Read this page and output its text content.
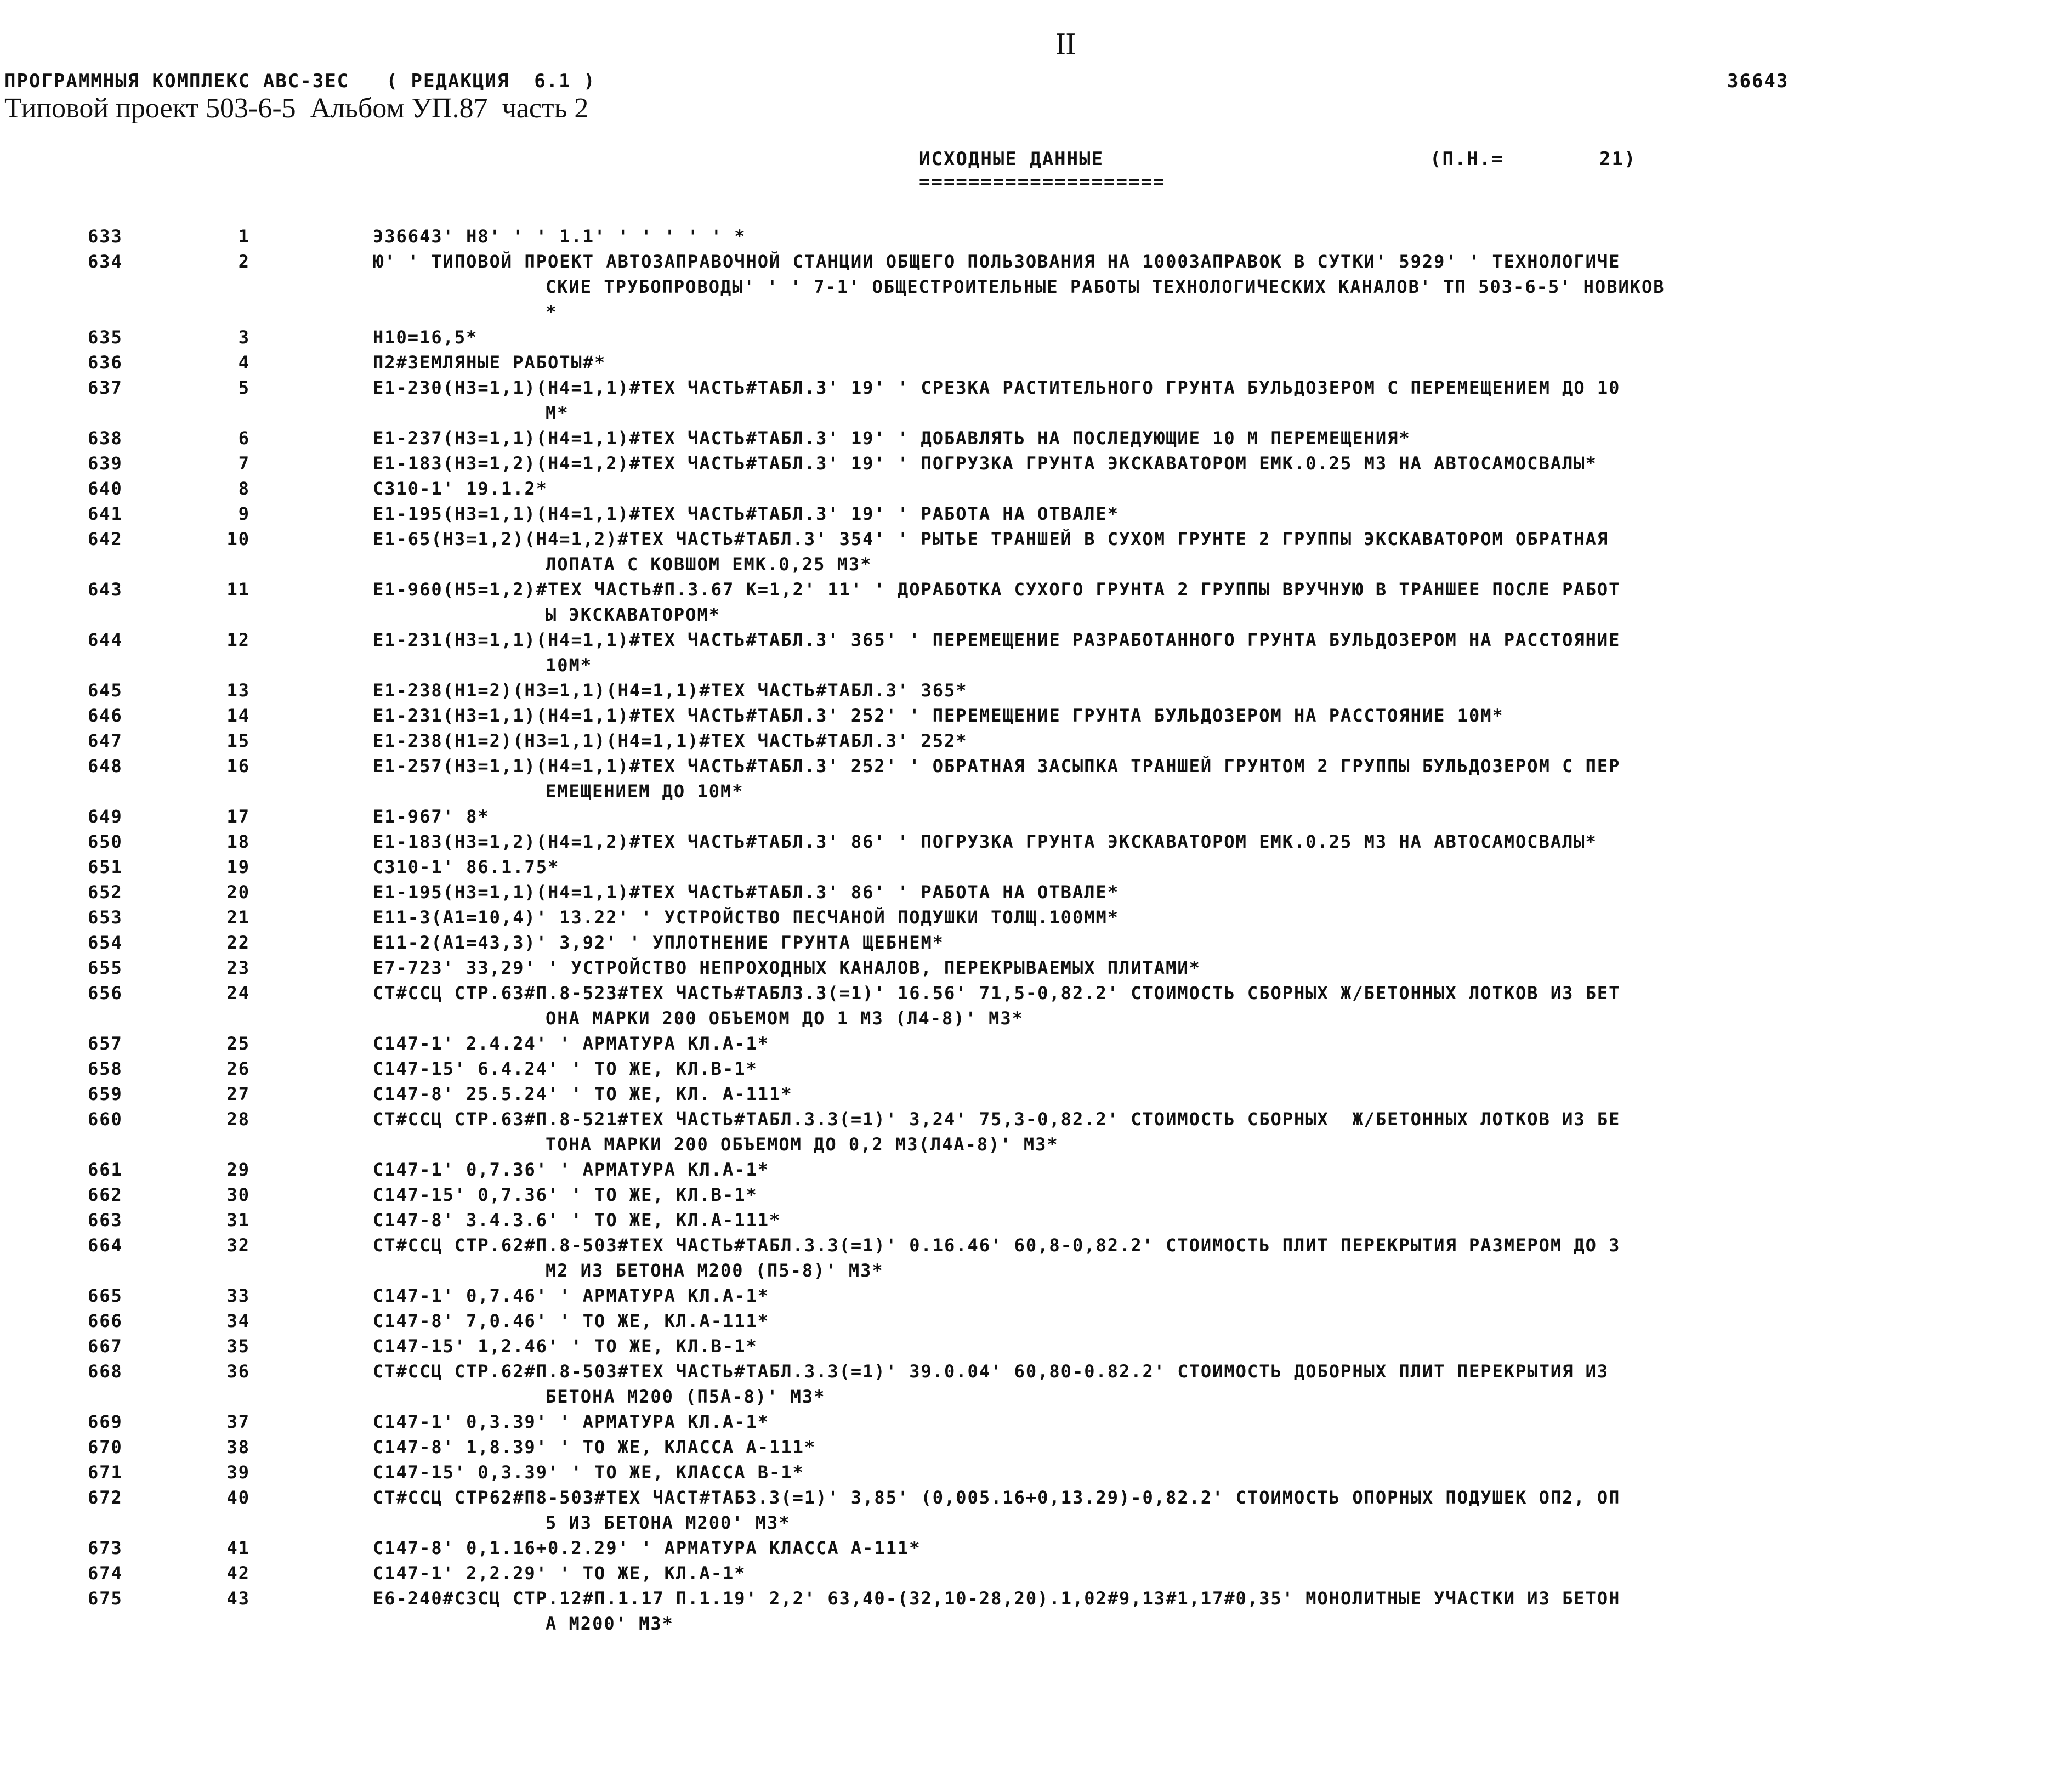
II
ПРОГРАММНЫЯ КОМПЛЕКС АВС-ЗЕС   ( РЕДАКЦИЯ  6.1 )
Типовой проект 503-6-5  Альбом УП.87  часть 2
36643
ИСХОДНЫЕ ДАННЫЕ
====================
(П.Н.=	21)
633	1	Э36643' Н8' ' ' 1.1' ' ' ' ' ' *
634	2	Ю' ' ТИПОВОЙ ПРОЕКТ АВТОЗАПРАВОЧНОЙ СТАНЦИИ ОБЩЕГО ПОЛЬЗОВАНИЯ НА 1000ЗАПРАВОК В СУТКИ' 5929' ' ТЕХНОЛОГИЧЕ
СКИЕ ТРУБОПРОВОДЫ' ' ' 7-1' ОБЩЕСТРОИТЕЛЬНЫЕ РАБОТЫ ТЕХНОЛОГИЧЕСКИХ КАНАЛОВ' ТП 503-6-5' НОВИКОВ
*
635	3	Н10=16,5*
636	4	П2#ЗЕМЛЯНЫЕ РАБОТЫ#*
637	5	Е1-230(Н3=1,1)(Н4=1,1)#ТЕХ ЧАСТЬ#ТАБЛ.3' 19' ' СРЕЗКА РАСТИТЕЛЬНОГО ГРУНТА БУЛЬДОЗЕРОМ С ПЕРЕМЕЩЕНИЕМ ДО 10
М*
638	6	Е1-237(Н3=1,1)(Н4=1,1)#ТЕХ ЧАСТЬ#ТАБЛ.3' 19' ' ДОБАВЛЯТЬ НА ПОСЛЕДУЮЩИЕ 10 М ПЕРЕМЕЩЕНИЯ*
639	7	Е1-183(Н3=1,2)(Н4=1,2)#ТЕХ ЧАСТЬ#ТАБЛ.3' 19' ' ПОГРУЗКА ГРУНТА ЭКСКАВАТОРОМ ЕМК.0.25 М3 НА АВТОСАМОСВАЛЫ*
640	8	С310-1' 19.1.2*
641	9	Е1-195(Н3=1,1)(Н4=1,1)#ТЕХ ЧАСТЬ#ТАБЛ.3' 19' ' РАБОТА НА ОТВАЛЕ*
642	10	Е1-65(Н3=1,2)(Н4=1,2)#ТЕХ ЧАСТЬ#ТАБЛ.3' 354' ' РЫТЬЕ ТРАНШЕЙ В СУХОМ ГРУНТЕ 2 ГРУППЫ ЭКСКАВАТОРОМ ОБРАТНАЯ
ЛОПАТА С КОВШОМ ЕМК.0,25 М3*
643	11	Е1-960(Н5=1,2)#ТЕХ ЧАСТЬ#П.3.67 К=1,2' 11' ' ДОРАБОТКА СУХОГО ГРУНТА 2 ГРУППЫ ВРУЧНУЮ В ТРАНШЕЕ ПОСЛЕ РАБОТ
Ы ЭКСКАВАТОРОМ*
644	12	Е1-231(Н3=1,1)(Н4=1,1)#ТЕХ ЧАСТЬ#ТАБЛ.3' 365' ' ПЕРЕМЕЩЕНИЕ РАЗРАБОТАННОГО ГРУНТА БУЛЬДОЗЕРОМ НА РАССТОЯНИЕ
10М*
645	13	Е1-238(Н1=2)(Н3=1,1)(Н4=1,1)#ТЕХ ЧАСТЬ#ТАБЛ.3' 365*
646	14	Е1-231(Н3=1,1)(Н4=1,1)#ТЕХ ЧАСТЬ#ТАБЛ.3' 252' ' ПЕРЕМЕЩЕНИЕ ГРУНТА БУЛЬДОЗЕРОМ НА РАССТОЯНИЕ 10М*
647	15	Е1-238(Н1=2)(Н3=1,1)(Н4=1,1)#ТЕХ ЧАСТЬ#ТАБЛ.3' 252*
648	16	Е1-257(Н3=1,1)(Н4=1,1)#ТЕХ ЧАСТЬ#ТАБЛ.3' 252' ' ОБРАТНАЯ ЗАСЫПКА ТРАНШЕЙ ГРУНТОМ 2 ГРУППЫ БУЛЬДОЗЕРОМ С ПЕР
ЕМЕЩЕНИЕМ ДО 10М*
649	17	Е1-967' 8*
650	18	Е1-183(Н3=1,2)(Н4=1,2)#ТЕХ ЧАСТЬ#ТАБЛ.3' 86' ' ПОГРУЗКА ГРУНТА ЭКСКАВАТОРОМ ЕМК.0.25 М3 НА АВТОСАМОСВАЛЫ*
651	19	С310-1' 86.1.75*
652	20	Е1-195(Н3=1,1)(Н4=1,1)#ТЕХ ЧАСТЬ#ТАБЛ.3' 86' ' РАБОТА НА ОТВАЛЕ*
653	21	Е11-3(А1=10,4)' 13.22' ' УСТРОЙСТВО ПЕСЧАНОЙ ПОДУШКИ ТОЛЩ.100ММ*
654	22	Е11-2(А1=43,3)' 3,92' ' УПЛОТНЕНИЕ ГРУНТА ЩЕБНЕМ*
655	23	Е7-723' 33,29' ' УСТРОЙСТВО НЕПРОХОДНЫХ КАНАЛОВ, ПЕРЕКРЫВАЕМЫХ ПЛИТАМИ*
656	24	СТ#ССЦ СТР.63#П.8-523#ТЕХ ЧАСТЬ#ТАБЛ3.3(=1)' 16.56' 71,5-0,82.2' СТОИМОСТЬ СБОРНЫХ Ж/БЕТОННЫХ ЛОТКОВ ИЗ БЕТ
ОНА МАРКИ 200 ОБЪЕМОМ ДО 1 М3 (Л4-8)' М3*
657	25	С147-1' 2.4.24' ' АРМАТУРА КЛ.А-1*
658	26	С147-15' 6.4.24' ' ТО ЖЕ, КЛ.В-1*
659	27	С147-8' 25.5.24' ' ТО ЖЕ, КЛ. А-111*
660	28	СТ#ССЦ СТР.63#П.8-521#ТЕХ ЧАСТЬ#ТАБЛ.3.3(=1)' 3,24' 75,3-0,82.2' СТОИМОСТЬ СБОРНЫХ  Ж/БЕТОННЫХ ЛОТКОВ ИЗ БЕ
ТОНА МАРКИ 200 ОБЪЕМОМ ДО 0,2 М3(Л4А-8)' М3*
661	29	С147-1' 0,7.36' ' АРМАТУРА КЛ.А-1*
662	30	С147-15' 0,7.36' ' ТО ЖЕ, КЛ.В-1*
663	31	С147-8' 3.4.3.6' ' ТО ЖЕ, КЛ.А-111*
664	32	СТ#ССЦ СТР.62#П.8-503#ТЕХ ЧАСТЬ#ТАБЛ.3.3(=1)' 0.16.46' 60,8-0,82.2' СТОИМОСТЬ ПЛИТ ПЕРЕКРЫТИЯ РАЗМЕРОМ ДО 3
М2 ИЗ БЕТОНА М200 (П5-8)' М3*
665	33	С147-1' 0,7.46' ' АРМАТУРА КЛ.А-1*
666	34	С147-8' 7,0.46' ' ТО ЖЕ, КЛ.А-111*
667	35	С147-15' 1,2.46' ' ТО ЖЕ, КЛ.В-1*
668	36	СТ#ССЦ СТР.62#П.8-503#ТЕХ ЧАСТЬ#ТАБЛ.3.3(=1)' 39.0.04' 60,80-0.82.2' СТОИМОСТЬ ДОБОРНЫХ ПЛИТ ПЕРЕКРЫТИЯ ИЗ
БЕТОНА М200 (П5А-8)' М3*
669	37	С147-1' 0,3.39' ' АРМАТУРА КЛ.А-1*
670	38	С147-8' 1,8.39' ' ТО ЖЕ, КЛАССА А-111*
671	39	С147-15' 0,3.39' ' ТО ЖЕ, КЛАССА В-1*
672	40	СТ#ССЦ СТР62#П8-503#ТЕХ ЧАСТ#ТАБ3.3(=1)' 3,85' (0,005.16+0,13.29)-0,82.2' СТОИМОСТЬ ОПОРНЫХ ПОДУШЕК ОП2, ОП
5 ИЗ БЕТОНА М200' М3*
673	41	С147-8' 0,1.16+0.2.29' ' АРМАТУРА КЛАССА А-111*
674	42	С147-1' 2,2.29' ' ТО ЖЕ, КЛ.А-1*
675	43	Е6-240#С3СЦ СТР.12#П.1.17 П.1.19' 2,2' 63,40-(32,10-28,20).1,02#9,13#1,17#0,35' МОНОЛИТНЫЕ УЧАСТКИ ИЗ БЕТОН
А М200' М3*
